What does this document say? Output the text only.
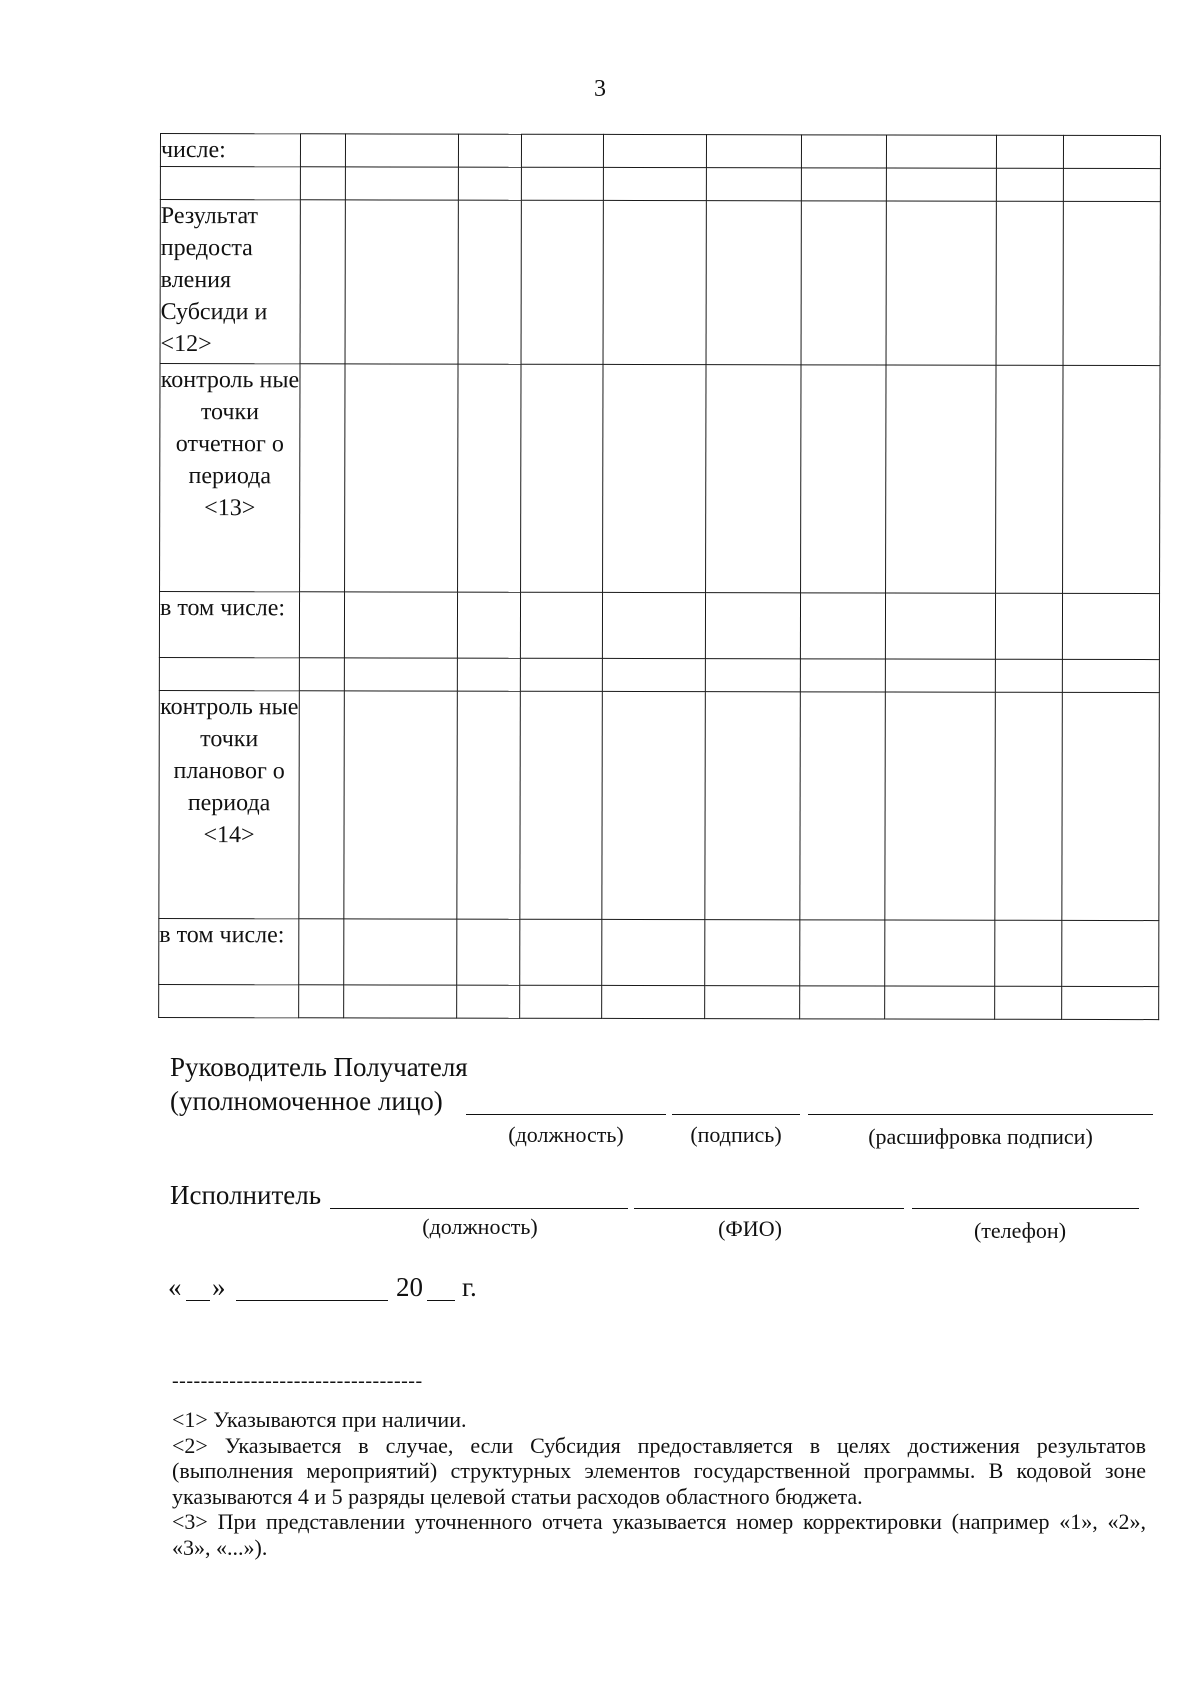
3
числе:										

Результат предоста вления Субсиди и <12>										
контроль ные точки отчетног о периода <13>										
в том числе:										

контроль ные точки плановог о периода <14>										
в том числе:										

Руководитель Получателя
(уполномоченное лицо)
(должность)	(подпись)	(расшифровка подписи)
Исполнитель
(должность)	(ФИО)	(телефон)
« »	20 г.
-----------------------------------

<1> Указываются при наличии.

<2> Указывается в случае, если Субсидия предоставляется в целях достижения результатов (выполнения мероприятий) структурных элементов государственной программы. В кодовой зоне указываются 4 и 5 разряды целевой статьи расходов областного бюджета.

<3> При представлении уточненного отчета указывается номер корректировки (например «1», «2», «3», «...»).
